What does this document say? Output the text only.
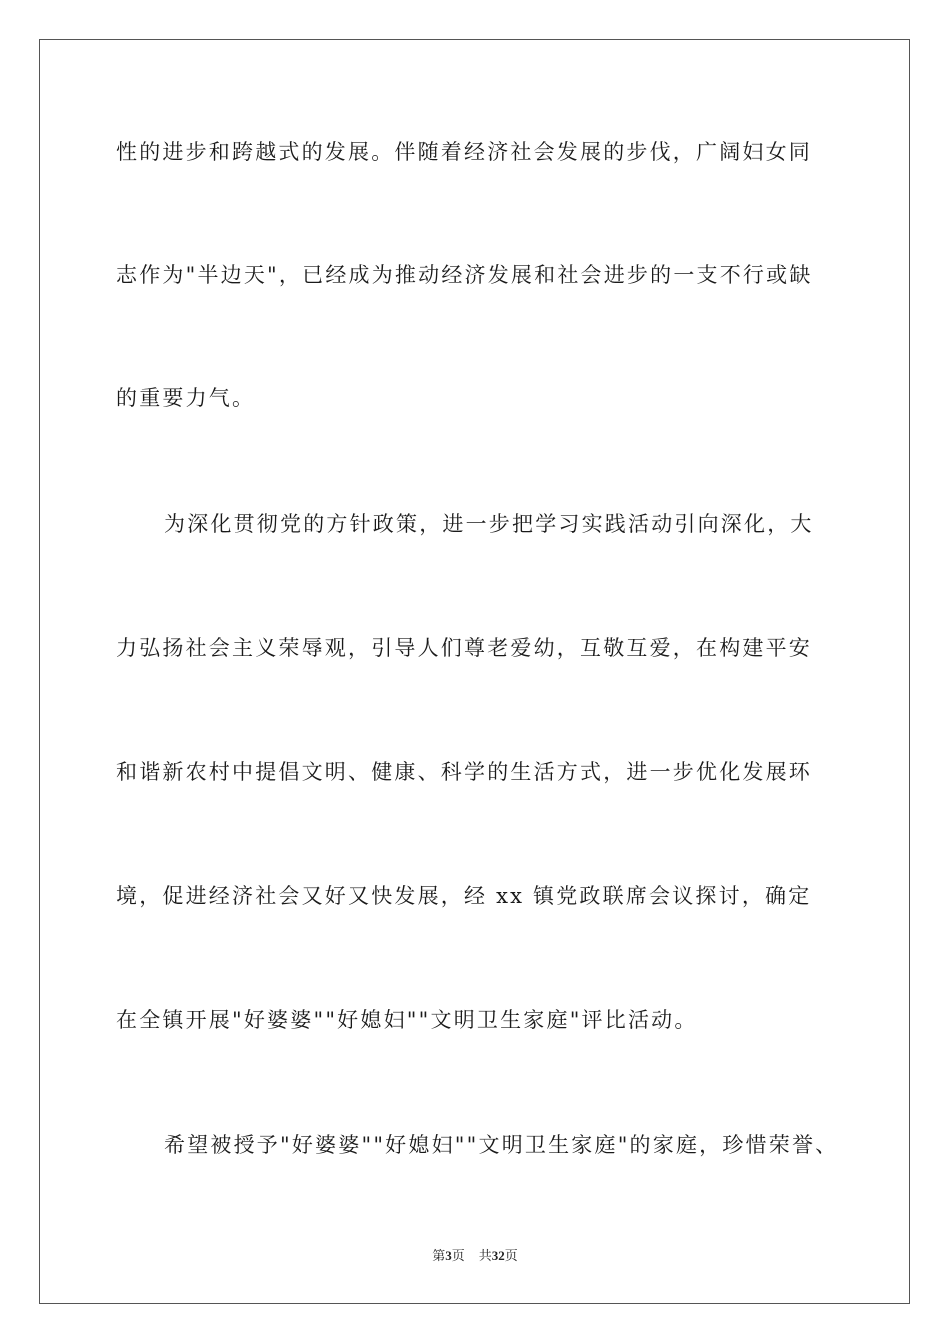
性的进步和跨越式的发展。伴随着经济社会发展的步伐，广阔妇女同
志作为"半边天"，已经成为推动经济发展和社会进步的一支不行或缺
的重要力气。
为深化贯彻党的方针政策，进一步把学习实践活动引向深化，大
力弘扬社会主义荣辱观，引导人们尊老爱幼，互敬互爱，在构建平安
和谐新农村中提倡文明、健康、科学的生活方式，进一步优化发展环
境，促进经济社会又好又快发展，经 xx 镇党政联席会议探讨，确定
在全镇开展"好婆婆""好媳妇""文明卫生家庭"评比活动。
希望被授予"好婆婆""好媳妇""文明卫生家庭"的家庭，珍惜荣誉、
第3页 共32页
